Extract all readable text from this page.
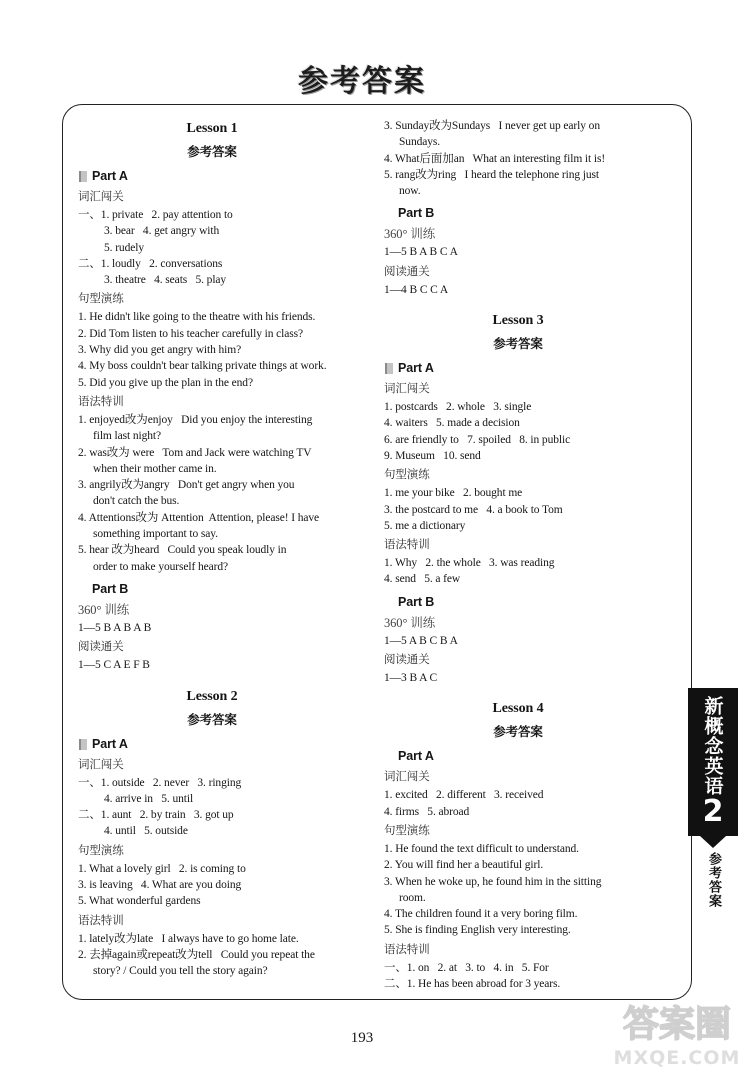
参考答案
Lesson 1
参考答案
Part A
词汇闯关
一、1. private   2. pay attention to
3. bear   4. get angry with
5. rudely
二、1. loudly   2. conversations
3. theatre   4. seats   5. play
句型演练
1. He didn't like going to the theatre with his friends.
2. Did Tom listen to his teacher carefully in class?
3. Why did you get angry with him?
4. My boss couldn't bear talking private things at work.
5. Did you give up the plan in the end?
语法特训
1. enjoyed改为enjoy   Did you enjoy the interesting
film last night?
2. was改为 were   Tom and Jack were watching TV
when their mother came in.
3. angrily改为angry   Don't get angry when you
don't catch the bus.
4. Attentions改为 Attention  Attention, please! I have
something important to say.
5. hear 改为heard   Could you speak loudly in
order to make yourself heard?
Part B
360° 训练
1—5 B A B A B
阅读通关
1—5 C A E F B
Lesson 2
参考答案
Part A
词汇闯关
一、1. outside   2. never   3. ringing
4. arrive in   5. until
二、1. aunt   2. by train   3. got up
4. until   5. outside
句型演练
1. What a lovely girl   2. is coming to
3. is leaving   4. What are you doing
5. What wonderful gardens
语法特训
1. lately改为late   I always have to go home late.
2. 去掉again或repeat改为tell   Could you repeat the
story? / Could you tell the story again?
3. Sunday改为Sundays   I never get up early on
Sundays.
4. What后面加an   What an interesting film it is!
5. rang改为ring   I heard the telephone ring just
now.
Part B
360° 训练
1—5 B A B C A
阅读通关
1—4 B C C A
Lesson 3
参考答案
Part A
词汇闯关
1. postcards   2. whole   3. single
4. waiters   5. made a decision
6. are friendly to   7. spoiled   8. in public
9. Museum   10. send
句型演练
1. me your bike   2. bought me
3. the postcard to me   4. a book to Tom
5. me a dictionary
语法特训
1. Why   2. the whole   3. was reading
4. send   5. a few
Part B
360° 训练
1—5 A B C B A
阅读通关
1—3 B A C
Lesson 4
参考答案
Part A
词汇闯关
1. excited   2. different   3. received
4. firms   5. abroad
句型演练
1. He found the text difficult to understand.
2. You will find her a beautiful girl.
3. When he woke up, he found him in the sitting
room.
4. The children found it a very boring film.
5. She is finding English very interesting.
语法特训
一、1. on   2. at   3. to   4. in   5. For
二、1. He has been abroad for 3 years.
新概念英语
2
参考答案
193	答案圈
MXQE.COM
